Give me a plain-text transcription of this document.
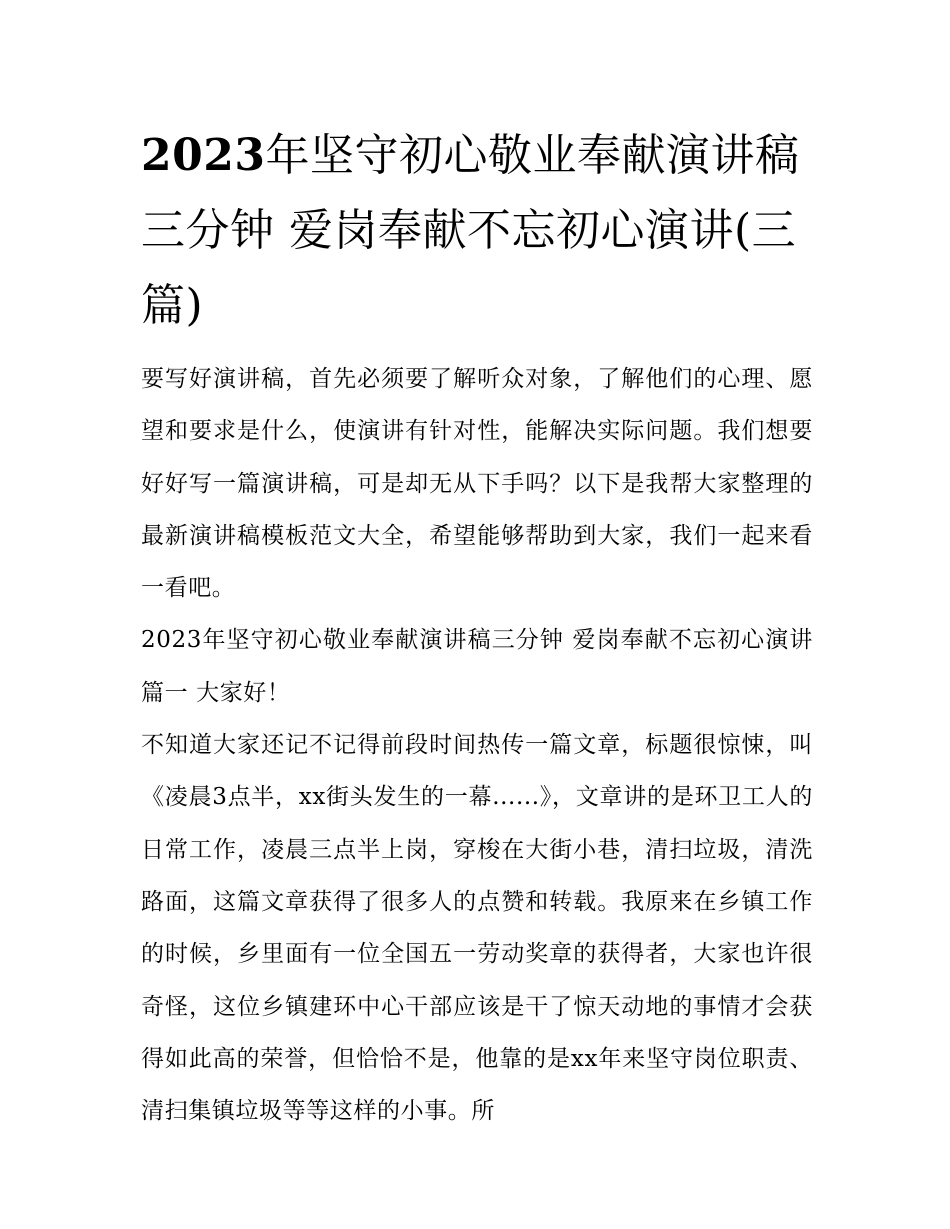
2023年坚守初心敬业奉献演讲稿三分钟 爱岗奉献不忘初心演讲(三篇)

要写好演讲稿，首先必须要了解听众对象，了解他们的心理、愿望和要求是什么，使演讲有针对性，能解决实际问题。我们想要好好写一篇演讲稿，可是却无从下手吗？以下是我帮大家整理的最新演讲稿模板范文大全，希望能够帮助到大家，我们一起来看一看吧。

2023年坚守初心敬业奉献演讲稿三分钟 爱岗奉献不忘初心演讲篇一 大家好！

不知道大家还记不记得前段时间热传一篇文章，标题很惊悚，叫《凌晨3点半，xx街头发生的一幕......》，文章讲的是环卫工人的日常工作，凌晨三点半上岗，穿梭在大街小巷，清扫垃圾，清洗路面，这篇文章获得了很多人的点赞和转载。我原来在乡镇工作的时候，乡里面有一位全国五一劳动奖章的获得者，大家也许很奇怪，这位乡镇建环中心干部应该是干了惊天动地的事情才会获得如此高的荣誉，但恰恰不是，他靠的是xx年来坚守岗位职责、清扫集镇垃圾等等这样的小事。所
